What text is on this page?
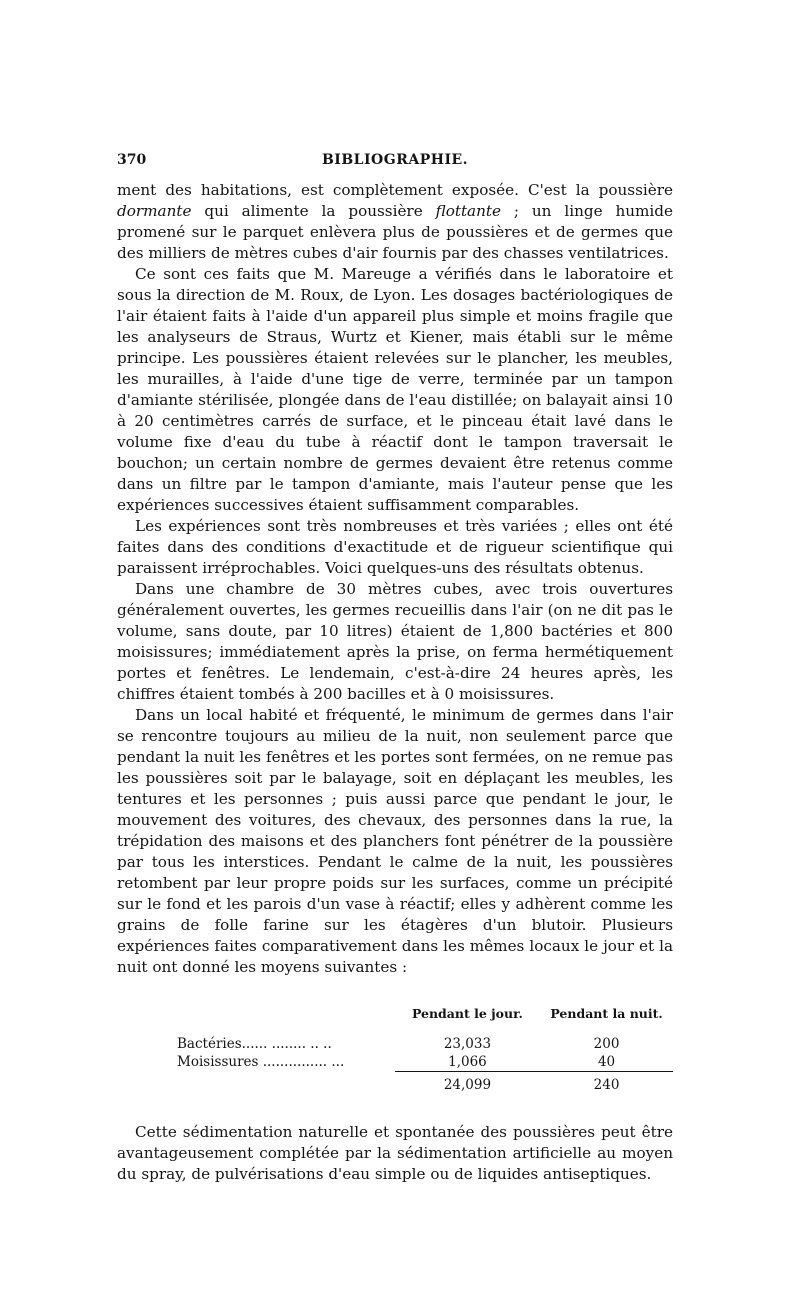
370	BIBLIOGRAPHIE.

ment des habitations, est complètement exposée. C'est la poussière dormante qui alimente la poussière flottante ; un linge humide promené sur le parquet enlèvera plus de poussières et de germes que des milliers de mètres cubes d'air fournis par des chasses ventilatrices.

Ce sont ces faits que M. Mareuge a vérifiés dans le laboratoire et sous la direction de M. Roux, de Lyon. Les dosages bactériologiques de l'air étaient faits à l'aide d'un appareil plus simple et moins fragile que les analyseurs de Straus, Wurtz et Kiener, mais établi sur le même principe. Les poussières étaient relevées sur le plancher, les meubles, les murailles, à l'aide d'une tige de verre, terminée par un tampon d'amiante stérilisée, plongée dans de l'eau distillée; on balayait ainsi 10 à 20 centimètres carrés de surface, et le pinceau était lavé dans le volume fixe d'eau du tube à réactif dont le tampon traversait le bouchon; un certain nombre de germes devaient être retenus comme dans un filtre par le tampon d'amiante, mais l'auteur pense que les expériences successives étaient suffisamment comparables.

Les expériences sont très nombreuses et très variées ; elles ont été faites dans des conditions d'exactitude et de rigueur scientifique qui paraissent irréprochables. Voici quelques-uns des résultats obtenus.

Dans une chambre de 30 mètres cubes, avec trois ouvertures généralement ouvertes, les germes recueillis dans l'air (on ne dit pas le volume, sans doute, par 10 litres) étaient de 1,800 bactéries et 800 moisissures; immédiatement après la prise, on ferma hermétiquement portes et fenêtres. Le lendemain, c'est-à-dire 24 heures après, les chiffres étaient tombés à 200 bacilles et à 0 moisissures.

Dans un local habité et fréquenté, le minimum de germes dans l'air se rencontre toujours au milieu de la nuit, non seulement parce que pendant la nuit les fenêtres et les portes sont fermées, on ne remue pas les poussières soit par le balayage, soit en déplaçant les meubles, les tentures et les personnes ; puis aussi parce que pendant le jour, le mouvement des voitures, des chevaux, des personnes dans la rue, la trépidation des maisons et des planchers font pénétrer de la poussière par tous les interstices. Pendant le calme de la nuit, les poussières retombent par leur propre poids sur les surfaces, comme un précipité sur le fond et les parois d'un vase à réactif; elles y adhèrent comme les grains de folle farine sur les étagères d'un blutoir. Plusieurs expériences faites comparativement dans les mêmes locaux le jour et la nuit ont donné les moyens suivantes :

	Pendant le jour.	Pendant la nuit.
Bactéries...... ........ .. ..	23,033	200
Moisissures ............... ...	1,066	40
	24,099	240

Cette sédimentation naturelle et spontanée des poussières peut être avantageusement complétée par la sédimentation artificielle au moyen du spray, de pulvérisations d'eau simple ou de liquides antiseptiques.
